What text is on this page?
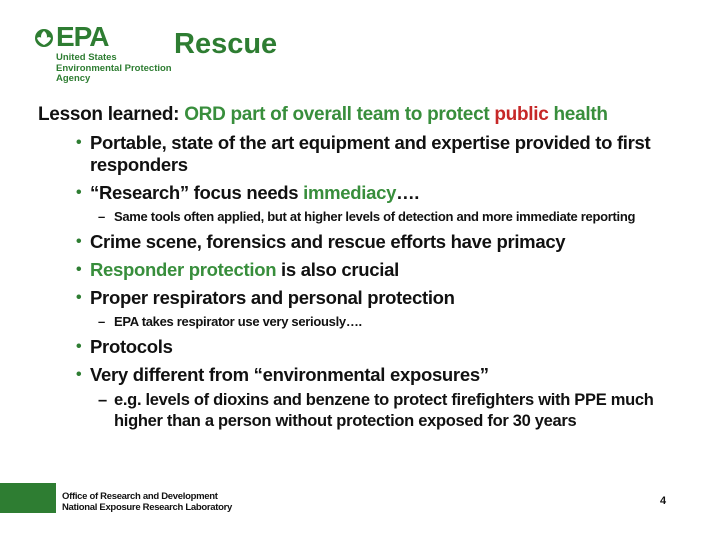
EPA
United States
Environmental Protection
Agency
Rescue
Lesson learned: ORD part of overall team to protect public health
• Portable, state of the art equipment and expertise provided to first responders
• “Research” focus needs immediacy….
– Same tools often applied, but at higher levels of detection and more immediate reporting
• Crime scene, forensics and rescue efforts have primacy
• Responder protection is also crucial
• Proper respirators and personal protection
– EPA takes respirator use very seriously….
• Protocols
• Very different from “environmental exposures”
– e.g. levels of dioxins and benzene to protect firefighters with PPE much higher than a person without protection exposed for 30 years
Office of Research and Development
National Exposure Research Laboratory
4
